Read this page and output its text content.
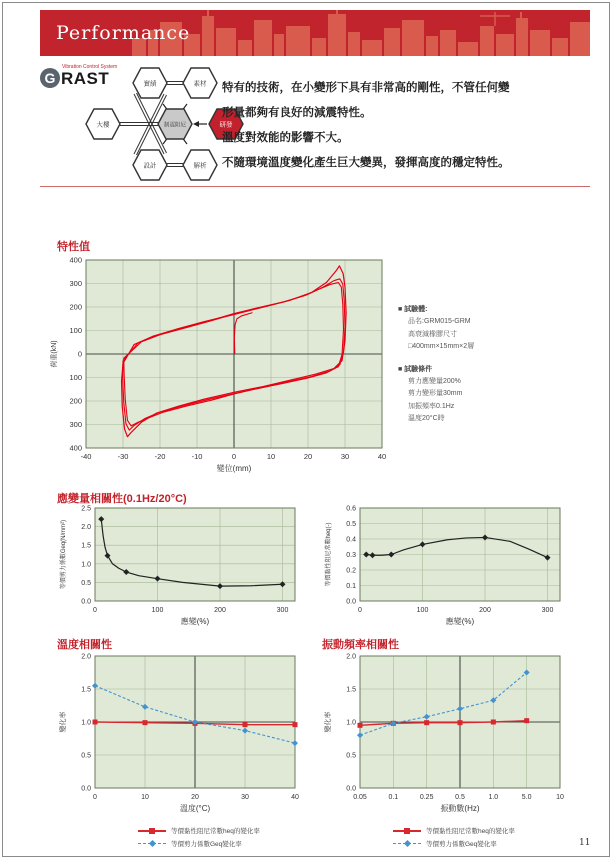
Performance
G
Vibration Control System
RAST	實績	素材
大樓	制震阻尼	研發
設計	解析
特有的技術，在小變形下具有非常高的剛性，不管任何變
形量都夠有良好的減震特性。
溫度對效能的影響不大。
不隨環境溫度變化產生巨大變異，發揮高度的穩定特性。
特性值
-40	-30	-20	-10	0	10	20	30	40
400
300
200
100
0
100
200
300
400
變位(mm)
荷重(kN)
■ 試驗體:
品名:GRM015-GRM
高衰減橡膠尺寸
□400mm×15mm×2層
■ 試驗條件
剪力應變量200%
剪力變形量30mm
加振頻率0.1Hz
溫度20°C時
應變量相關性(0.1Hz/20°C)
0	100	200	300
0.0
0.5
1.0
1.5
2.0
2.5
應變(%)
等價剪力係數Geq(N/mm²)
0	100	200	300
0.0
0.1
0.2
0.3
0.4
0.5
0.6
應變(%)
等價黏性阻尼常數heq(-)
溫度相關性	振動頻率相關性
0	10	20	30	40
0.0
0.5
1.0
1.5
2.0
溫度(°C)
變化率
0.05	0.1	0.25	0.5	1.0	5.0	10
0.0
0.5
1.0
1.5
2.0
振動數(Hz)
變化率
等價黏性阻尼常數heq的變化率
等價剪力係數Geq變化率
等價黏性阻尼常數heq的變化率
等價剪力係數Geq變化率	11
